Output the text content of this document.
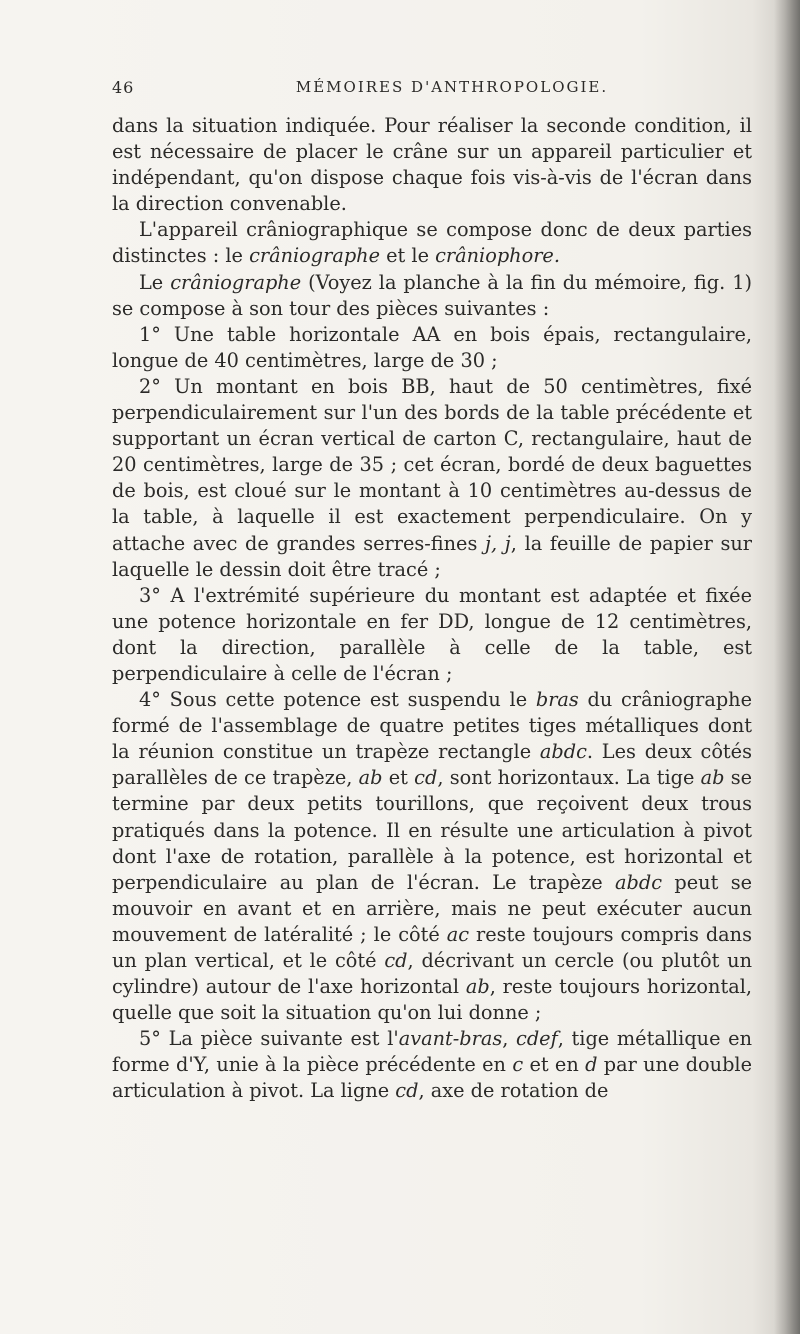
46	MÉMOIRES D'ANTHROPOLOGIE.

dans la situation indiquée. Pour réaliser la seconde condition, il est nécessaire de placer le crâne sur un appareil particulier et indépendant, qu'on dispose chaque fois vis-à-vis de l'écran dans la direction convenable.

L'appareil crâniographique se compose donc de deux parties distinctes : le crâniographe et le crâniophore.

Le crâniographe (Voyez la planche à la fin du mémoire, fig. 1) se compose à son tour des pièces suivantes :

1° Une table horizontale AA en bois épais, rectangulaire, longue de 40 centimètres, large de 30 ;

2° Un montant en bois BB, haut de 50 centimètres, fixé perpendiculairement sur l'un des bords de la table précédente et supportant un écran vertical de carton C, rectangulaire, haut de 20 centimètres, large de 35 ; cet écran, bordé de deux baguettes de bois, est cloué sur le montant à 10 centimètres au-dessus de la table, à laquelle il est exactement perpendiculaire. On y attache avec de grandes serres-fines j, j, la feuille de papier sur laquelle le dessin doit être tracé ;

3° A l'extrémité supérieure du montant est adaptée et fixée une potence horizontale en fer DD, longue de 12 centimètres, dont la direction, parallèle à celle de la table, est perpendiculaire à celle de l'écran ;

4° Sous cette potence est suspendu le bras du crâniographe formé de l'assemblage de quatre petites tiges métalliques dont la réunion constitue un trapèze rectangle abdc. Les deux côtés parallèles de ce trapèze, ab et cd, sont horizontaux. La tige ab se termine par deux petits tourillons, que reçoivent deux trous pratiqués dans la potence. Il en résulte une articulation à pivot dont l'axe de rotation, parallèle à la potence, est horizontal et perpendiculaire au plan de l'écran. Le trapèze abdc peut se mouvoir en avant et en arrière, mais ne peut exécuter aucun mouvement de latéralité ; le côté ac reste toujours compris dans un plan vertical, et le côté cd, décrivant un cercle (ou plutôt un cylindre) autour de l'axe horizontal ab, reste toujours horizontal, quelle que soit la situation qu'on lui donne ;

5° La pièce suivante est l'avant-bras, cdef, tige métallique en forme d'Y, unie à la pièce précédente en c et en d par une double articulation à pivot. La ligne cd, axe de rotation de
